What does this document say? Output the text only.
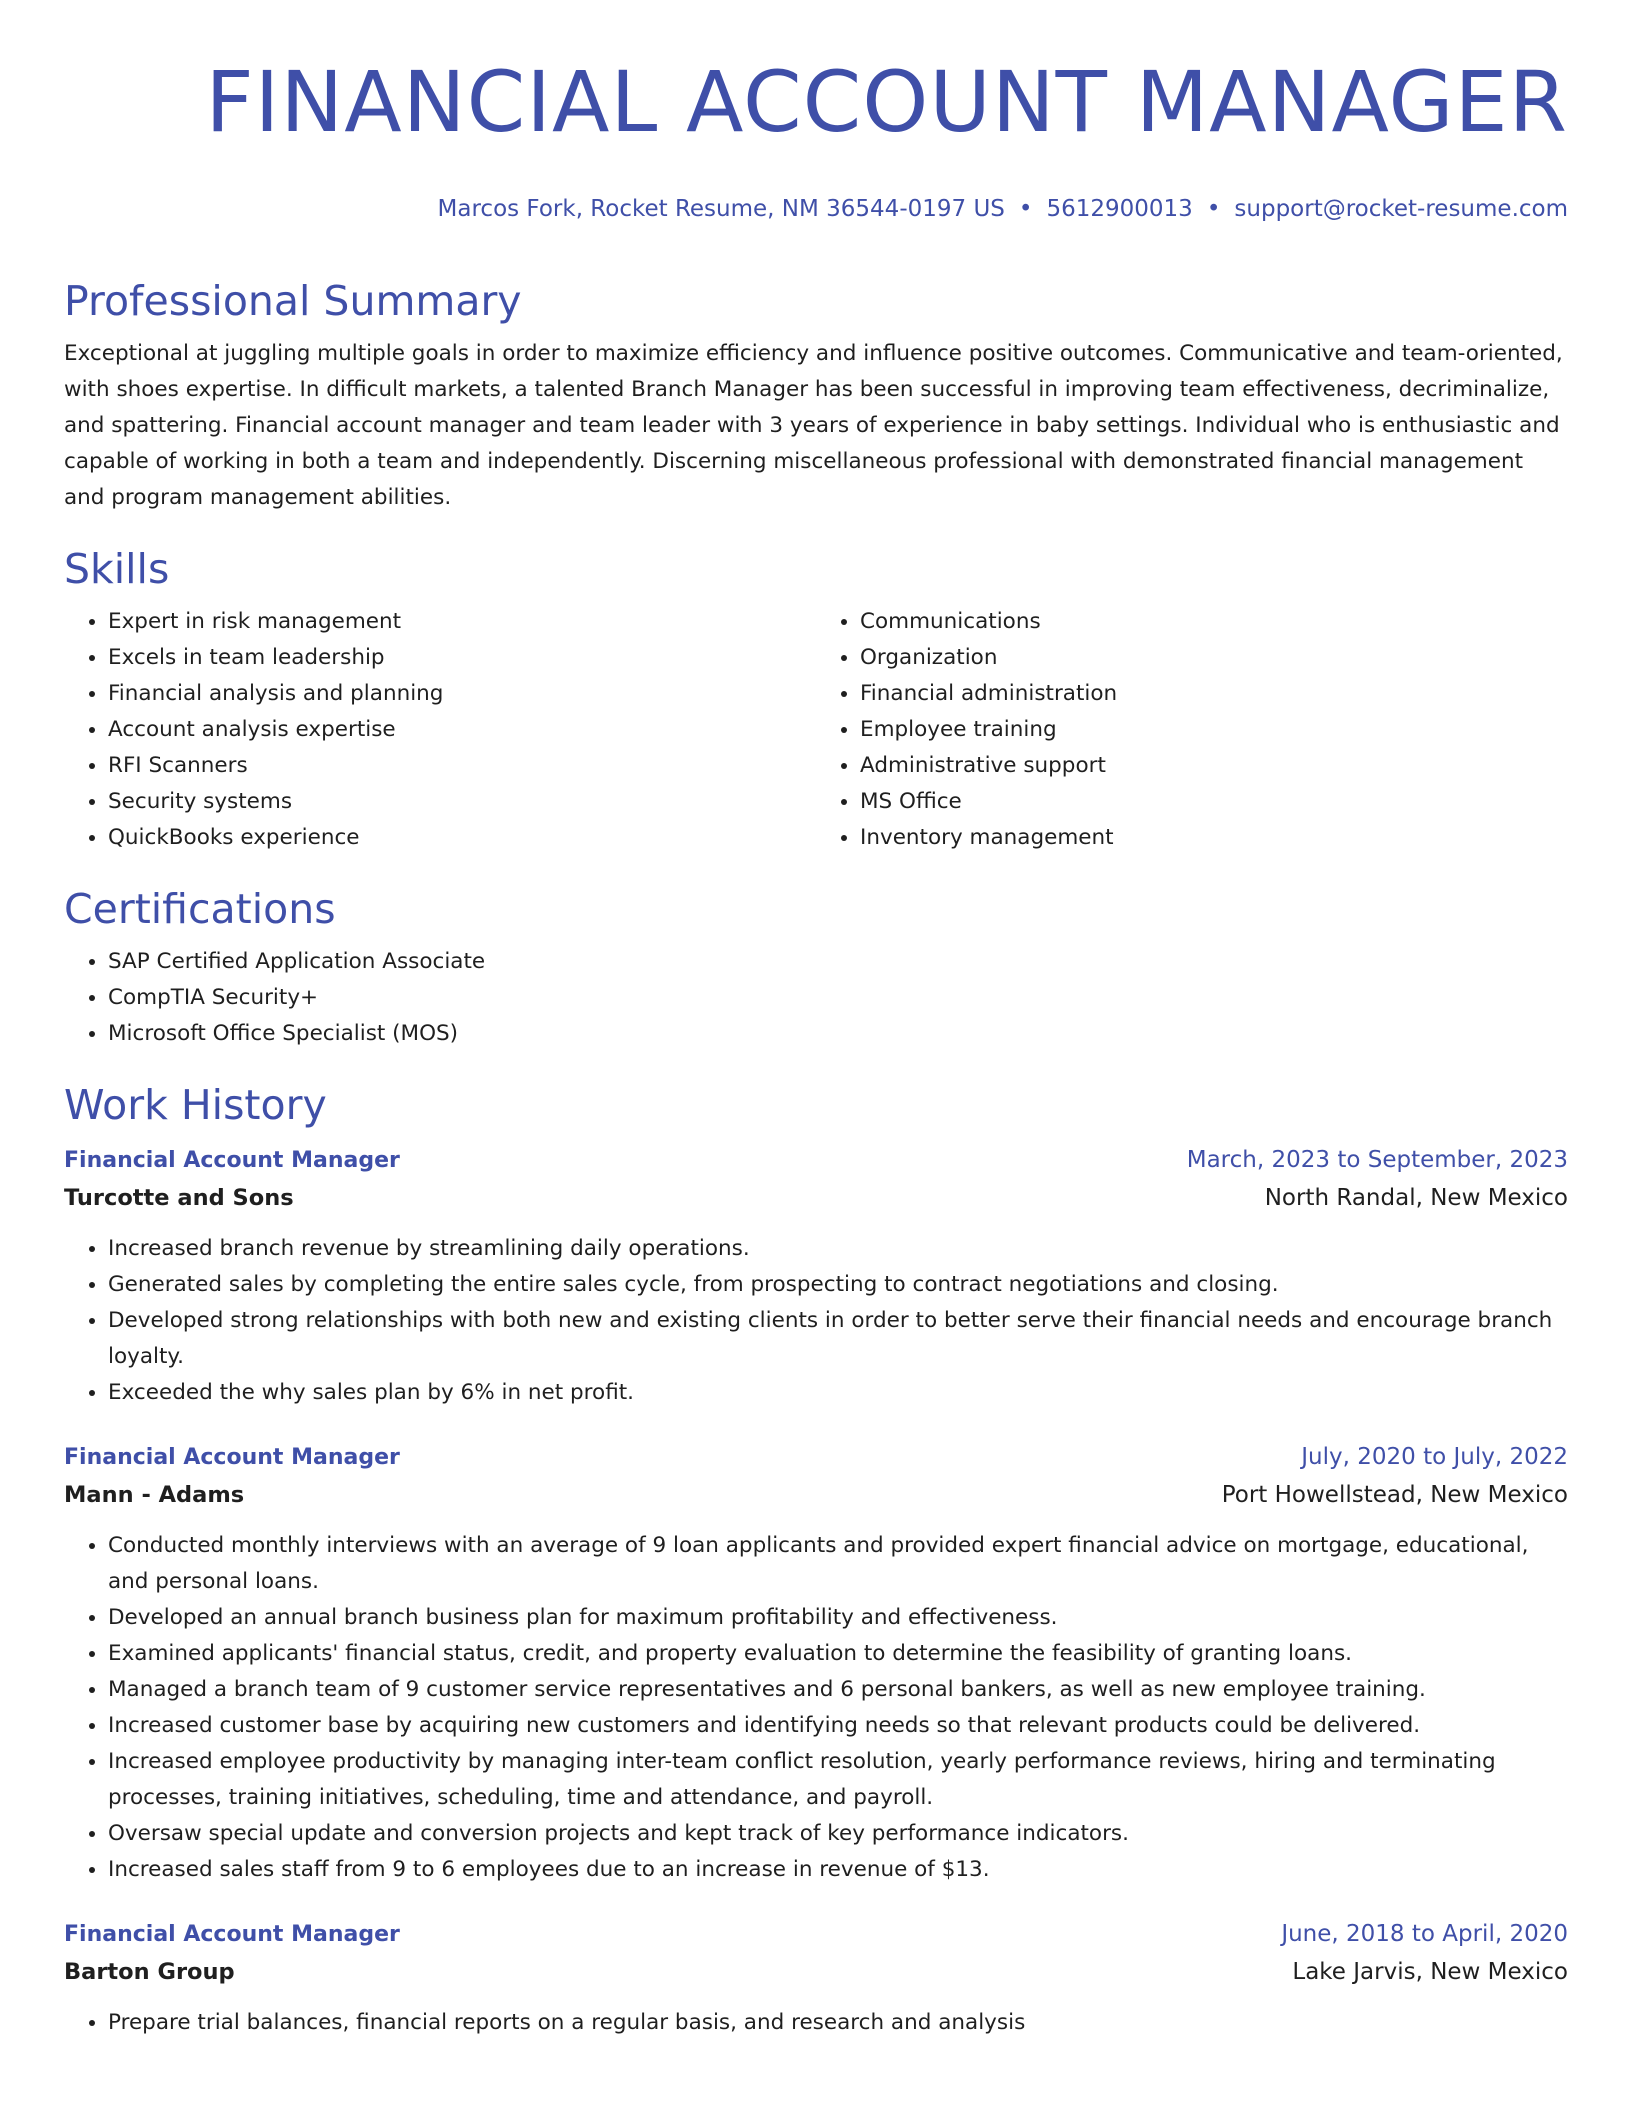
FINANCIAL ACCOUNT MANAGER
Marcos Fork, Rocket Resume, NM 36544-0197 US • 5612900013 • support@rocket-resume.com
Professional Summary
Exceptional at juggling multiple goals in order to maximize efficiency and influence positive outcomes. Communicative and team-oriented, with shoes expertise. In difficult markets, a talented Branch Manager has been successful in improving team effectiveness, decriminalize, and spattering. Financial account manager and team leader with 3 years of experience in baby settings. Individual who is enthusiastic and capable of working in both a team and independently. Discerning miscellaneous professional with demonstrated financial management and program management abilities.
Skills
• Expert in risk management
• Excels in team leadership
• Financial analysis and planning
• Account analysis expertise
• RFI Scanners
• Security systems
• QuickBooks experience
• Communications
• Organization
• Financial administration
• Employee training
• Administrative support
• MS Office
• Inventory management
Certifications
• SAP Certified Application Associate
• CompTIA Security+
• Microsoft Office Specialist (MOS)
Work History
Financial Account Manager	March, 2023 to September, 2023
Turcotte and Sons	North Randal, New Mexico
• Increased branch revenue by streamlining daily operations.
• Generated sales by completing the entire sales cycle, from prospecting to contract negotiations and closing.
• Developed strong relationships with both new and existing clients in order to better serve their financial needs and encourage branch loyalty.
• Exceeded the why sales plan by 6% in net profit.
Financial Account Manager	July, 2020 to July, 2022
Mann - Adams	Port Howellstead, New Mexico
• Conducted monthly interviews with an average of 9 loan applicants and provided expert financial advice on mortgage, educational, and personal loans.
• Developed an annual branch business plan for maximum profitability and effectiveness.
• Examined applicants' financial status, credit, and property evaluation to determine the feasibility of granting loans.
• Managed a branch team of 9 customer service representatives and 6 personal bankers, as well as new employee training.
• Increased customer base by acquiring new customers and identifying needs so that relevant products could be delivered.
• Increased employee productivity by managing inter-team conflict resolution, yearly performance reviews, hiring and terminating processes, training initiatives, scheduling, time and attendance, and payroll.
• Oversaw special update and conversion projects and kept track of key performance indicators.
• Increased sales staff from 9 to 6 employees due to an increase in revenue of $13.
Financial Account Manager	June, 2018 to April, 2020
Barton Group	Lake Jarvis, New Mexico
• Prepare trial balances, financial reports on a regular basis, and research and analysis
